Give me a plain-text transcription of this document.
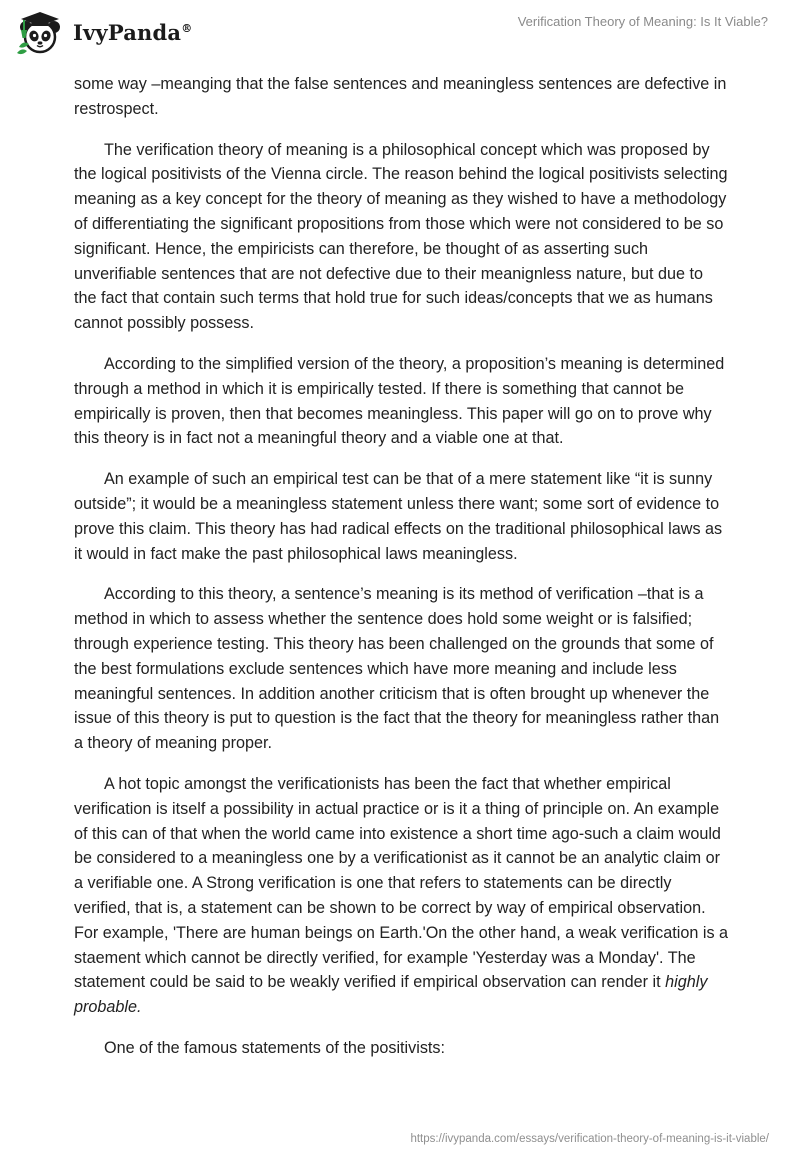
IvyPanda®	Verification Theory of Meaning: Is It Viable?

some way –meanging that the false sentences and meaningless sentences are defective in restrospect.

The verification theory of meaning is a philosophical concept which was proposed by the logical positivists of the Vienna circle. The reason behind the logical positivists selecting meaning as a key concept for the theory of meaning as they wished to have a methodology of differentiating the significant propositions from those which were not considered to be so significant. Hence, the empiricists can therefore, be thought of as asserting such unverifiable sentences that are not defective due to their meanignless nature, but due to the fact that contain such terms that hold true for such ideas/concepts that we as humans cannot possibly possess.

According to the simplified version of the theory, a proposition’s meaning is determined through a method in which it is empirically tested. If there is something that cannot be empirically is proven, then that becomes meaningless. This paper will go on to prove why this theory is in fact not a meaningful theory and a viable one at that.

An example of such an empirical test can be that of a mere statement like “it is sunny outside”; it would be a meaningless statement unless there want; some sort of evidence to prove this claim. This theory has had radical effects on the traditional philosophical laws as it would in fact make the past philosophical laws meaningless.

According to this theory, a sentence’s meaning is its method of verification –that is a method in which to assess whether the sentence does hold some weight or is falsified; through experience testing. This theory has been challenged on the grounds that some of the best formulations exclude sentences which have more meaning and include less meaningful sentences. In addition another criticism that is often brought up whenever the issue of this theory is put to question is the fact that the theory for meaningless rather than a theory of meaning proper.

A hot topic amongst the verificationists has been the fact that whether empirical verification is itself a possibility in actual practice or is it a thing of principle on. An example of this can of that when the world came into existence a short time ago-such a claim would be considered to a meaningless one by a verificationist as it cannot be an analytic claim or a verifiable one. A Strong verification is one that refers to statements can be directly verified, that is, a statement can be shown to be correct by way of empirical observation. For example, 'There are human beings on Earth.'On the other hand, a weak verification is a staement which cannot be directly verified, for example 'Yesterday was a Monday'. The statement could be said to be weakly verified if empirical observation can render it highly probable.

One of the famous statements of the positivists:

https://ivypanda.com/essays/verification-theory-of-meaning-is-it-viable/
